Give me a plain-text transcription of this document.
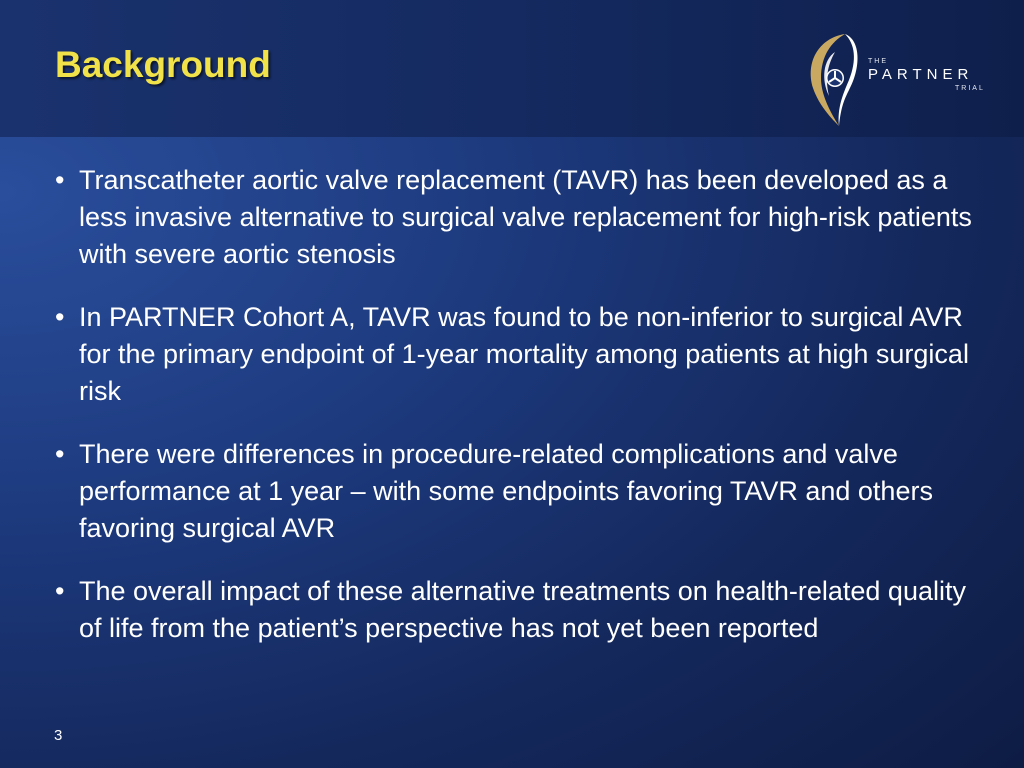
Background	THE
PARTNER
TRIAL
• Transcatheter aortic valve replacement (TAVR) has been developed as a less invasive alternative to surgical valve replacement for high-risk patients with severe aortic stenosis
• In PARTNER Cohort A, TAVR was found to be non-inferior to surgical AVR for the primary endpoint of 1-year mortality among patients at high surgical risk
• There were differences in procedure-related complications and valve performance at 1 year – with some endpoints favoring TAVR and others favoring surgical AVR
• The overall impact of these alternative treatments on health-related quality of life from the patient’s perspective has not yet been reported
3
